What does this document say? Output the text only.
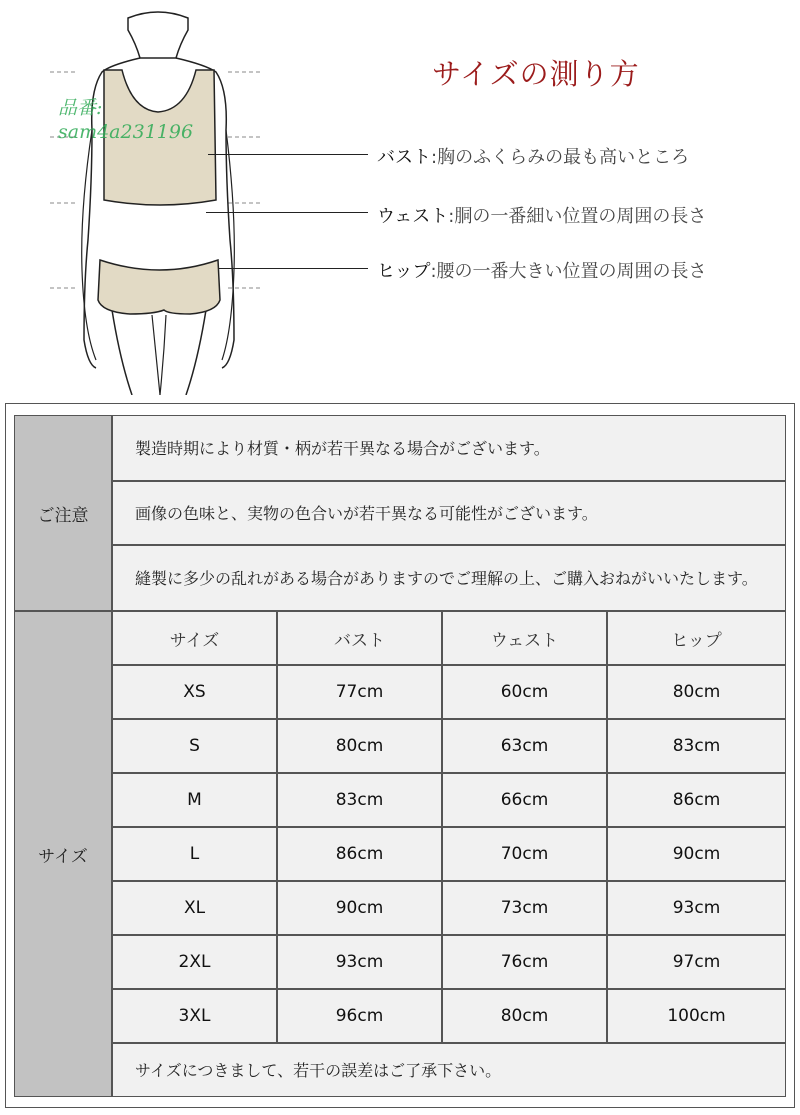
品番:
sam4a231196
サイズの測り方
バスト:胸のふくらみの最も高いところ
ウェスト:胴の一番細い位置の周囲の長さ
ヒップ:腰の一番大きい位置の周囲の長さ
ご注意
製造時期により材質・柄が若干異なる場合がございます。
画像の色味と、実物の色合いが若干異なる可能性がございます。
縫製に多少の乱れがある場合がありますのでご理解の上、ご購入おねがいいたします。
サイズ
サイズ	バスト	ウェスト	ヒップ
XS	77cm	60cm	80cm
S	80cm	63cm	83cm
M	83cm	66cm	86cm
L	86cm	70cm	90cm
XL	90cm	73cm	93cm
2XL	93cm	76cm	97cm
3XL	96cm	80cm	100cm
サイズにつきまして、若干の誤差はご了承下さい。
